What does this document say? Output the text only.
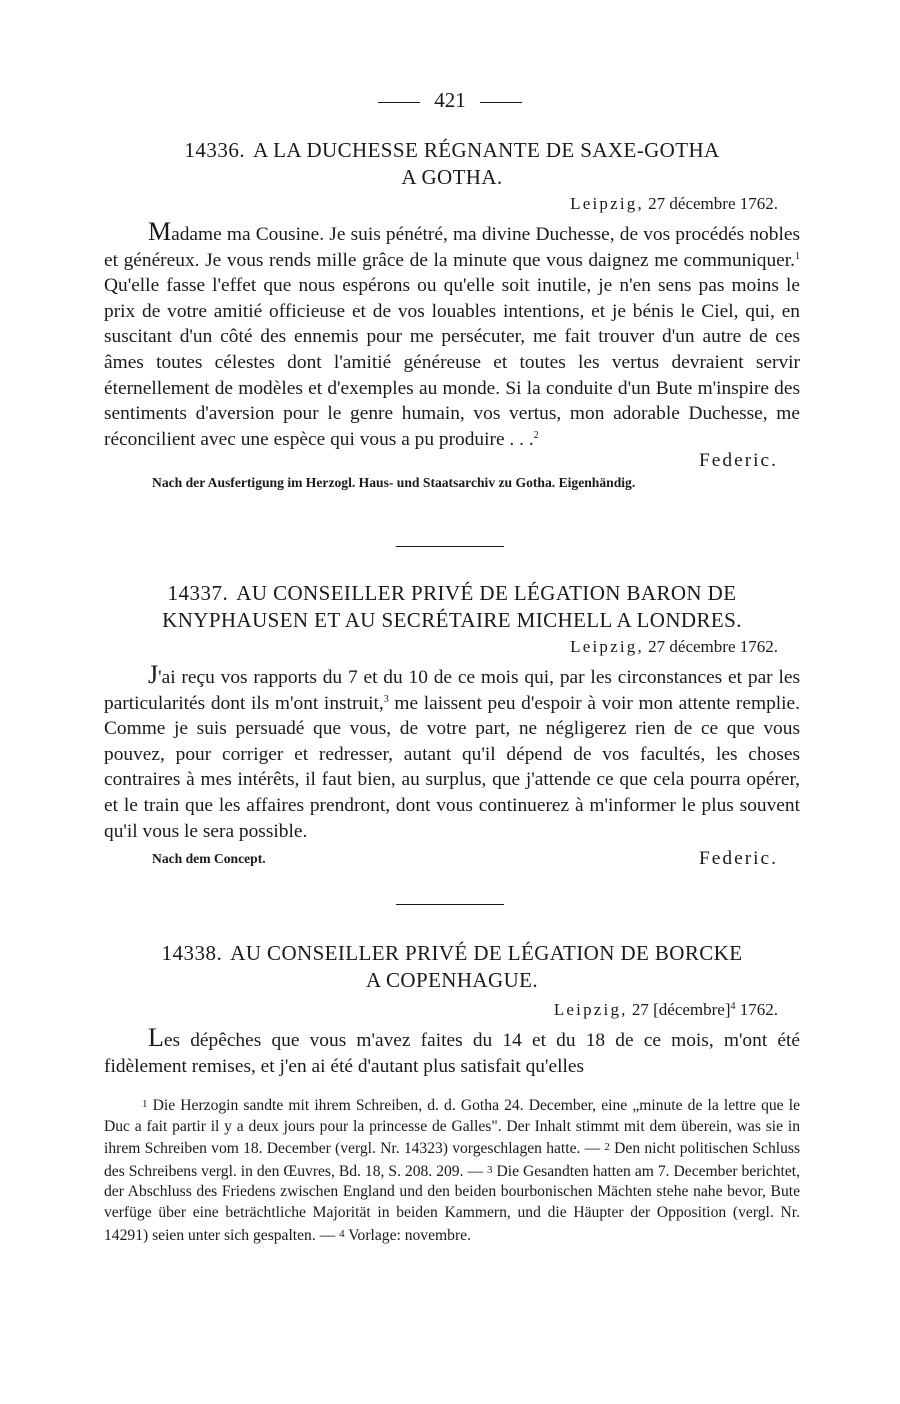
421
14336. A LA DUCHESSE RÉGNANTE DE SAXE-GOTHA
A GOTHA.
Leipzig, 27 décembre 1762.

Madame ma Cousine. Je suis pénétré, ma divine Duchesse, de vos procédés nobles et généreux. Je vous rends mille grâce de la minute que vous daignez me communiquer.$^1$ Qu'elle fasse l'effet que nous espérons ou qu'elle soit inutile, je n'en sens pas moins le prix de votre amitié officieuse et de vos louables intentions, et je bénis le Ciel, qui, en suscitant d'un côté des ennemis pour me persécuter, me fait trouver d'un autre de ces âmes toutes célestes dont l'amitié généreuse et toutes les vertus devraient servir éternellement de modèles et d'exemples au monde. Si la conduite d'un Bute m'inspire des sentiments d'aversion pour le genre humain, vos vertus, mon adorable Duchesse, me réconcilient avec une espèce qui vous a pu produire . . .$^2$

Federic.
Nach der Ausfertigung im Herzogl. Haus- und Staatsarchiv zu Gotha. Eigenhändig.
14337. AU CONSEILLER PRIVÉ DE LÉGATION BARON DE
KNYPHAUSEN ET AU SECRÉTAIRE MICHELL A LONDRES.
Leipzig, 27 décembre 1762.

J'ai reçu vos rapports du 7 et du 10 de ce mois qui, par les circonstances et par les particularités dont ils m'ont instruit,$^3$ me laissent peu d'espoir à voir mon attente remplie. Comme je suis persuadé que vous, de votre part, ne négligerez rien de ce que vous pouvez, pour corriger et redresser, autant qu'il dépend de vos facultés, les choses contraires à mes intérêts, il faut bien, au surplus, que j'attende ce que cela pourra opérer, et le train que les affaires prendront, dont vous continuerez à m'informer le plus souvent qu'il vous le sera possible.

Nach dem Concept.	Federic.
14338. AU CONSEILLER PRIVÉ DE LÉGATION DE BORCKE
A COPENHAGUE.
Leipzig, 27 [décembre]$^4$ 1762.

Les dépêches que vous m'avez faites du 14 et du 18 de ce mois, m'ont été fidèlement remises, et j'en ai été d'autant plus satisfait qu'elles

1 Die Herzogin sandte mit ihrem Schreiben, d. d. Gotha 24. December, eine „minute de la lettre que le Duc a fait partir il y a deux jours pour la princesse de Galles". Der Inhalt stimmt mit dem überein, was sie in ihrem Schreiben vom 18. December (vergl. Nr. 14323) vorgeschlagen hatte. — 2 Den nicht politischen Schluss des Schreibens vergl. in den Œuvres, Bd. 18, S. 208. 209. — 3 Die Gesandten hatten am 7. December berichtet, der Abschluss des Friedens zwischen England und den beiden bourbonischen Mächten stehe nahe bevor, Bute verfüge über eine beträchtliche Majorität in beiden Kammern, und die Häupter der Opposition (vergl. Nr. 14291) seien unter sich gespalten. — 4 Vorlage: novembre.
